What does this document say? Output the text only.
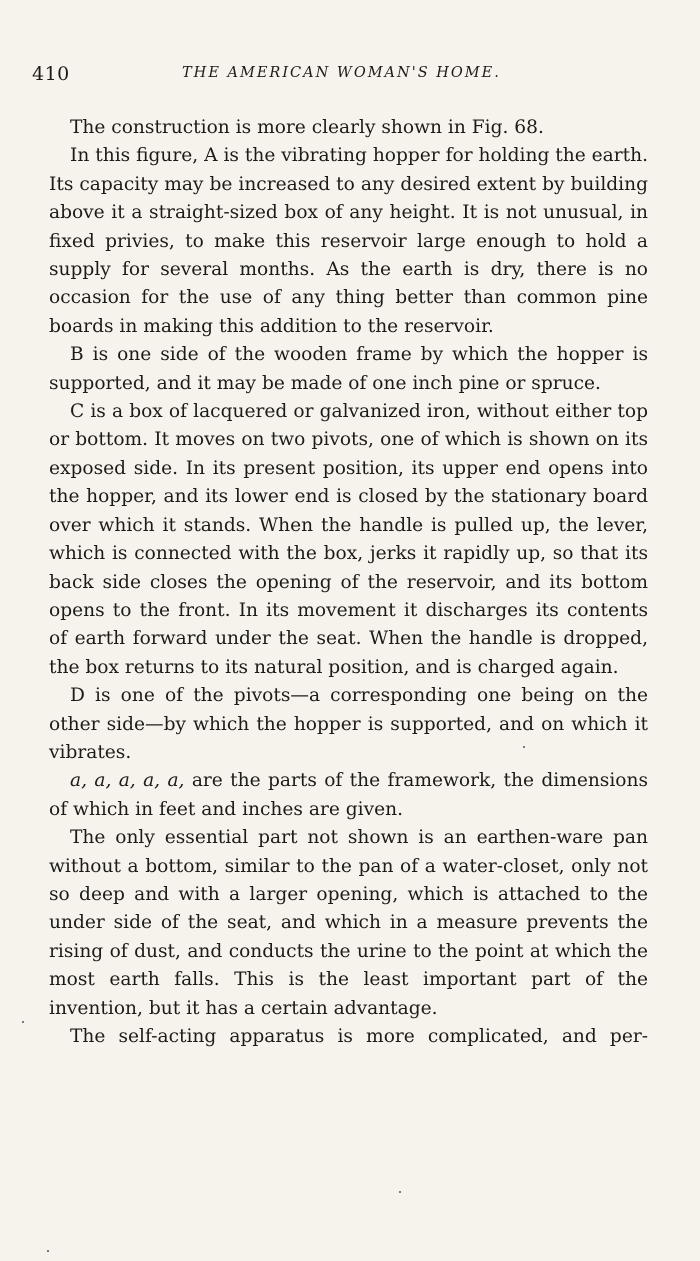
410	THE AMERICAN WOMAN'S HOME.

The construction is more clearly shown in Fig. 68.

In this figure, A is the vibrating hopper for holding the earth. Its capacity may be increased to any desired extent by building above it a straight-sized box of any height. It is not unusual, in fixed privies, to make this reservoir large enough to hold a supply for several months. As the earth is dry, there is no occasion for the use of any thing better than common pine boards in making this addition to the reservoir.

B is one side of the wooden frame by which the hopper is supported, and it may be made of one inch pine or spruce.

C is a box of lacquered or galvanized iron, without either top or bottom. It moves on two pivots, one of which is shown on its exposed side. In its present position, its upper end opens into the hopper, and its lower end is closed by the stationary board over which it stands. When the handle is pulled up, the lever, which is connected with the box, jerks it rapidly up, so that its back side closes the opening of the reservoir, and its bottom opens to the front. In its movement it discharges its contents of earth forward under the seat. When the handle is dropped, the box returns to its natural position, and is charged again.

D is one of the pivots—a corresponding one being on the other side—by which the hopper is supported, and on which it vibrates.

a, a, a, a, a, are the parts of the framework, the dimensions of which in feet and inches are given.

The only essential part not shown is an earthen-ware pan without a bottom, similar to the pan of a water-closet, only not so deep and with a larger opening, which is attached to the under side of the seat, and which in a measure prevents the rising of dust, and conducts the urine to the point at which the most earth falls. This is the least important part of the invention, but it has a certain advantage.

The self-acting apparatus is more complicated, and per-
